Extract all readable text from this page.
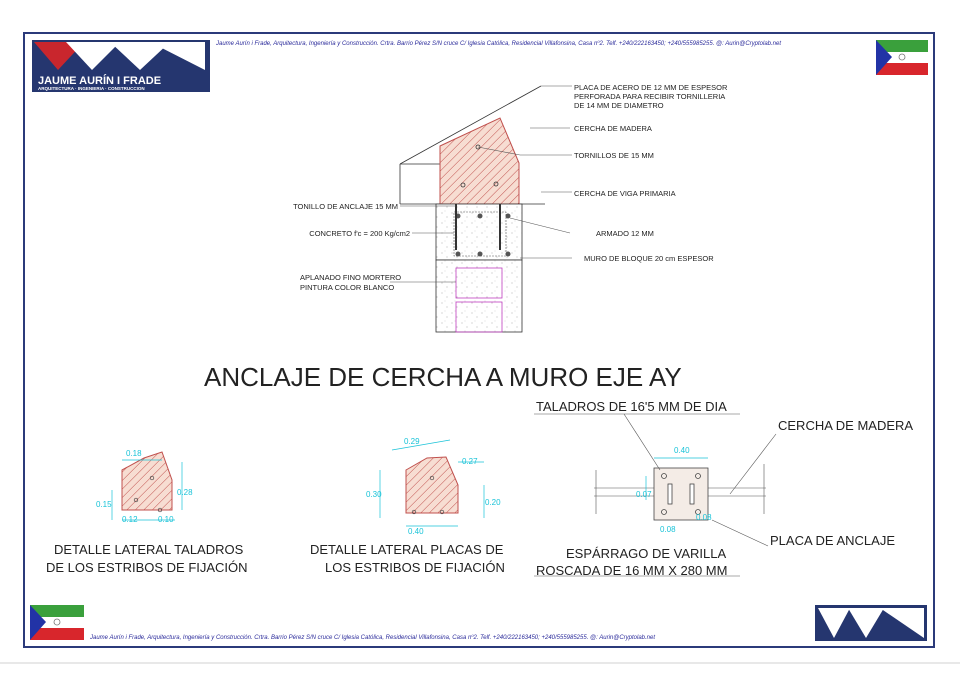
JAUME AURÍN I FRADE
ARQUITECTURA · INGENIERIA · CONSTRUCCION
Jaume Aurín i Frade, Arquitectura, Ingeniería y Construcción. Crtra. Barrio Pérez S/N cruce C/ Iglesia Católica, Residencial Villafonsina, Casa nº2. Telf. +240/222163450; +240/555985255. @: Aurin@Cryptolab.net
PLACA DE ACERO DE 12 MM DE ESPESOR
PERFORADA PARA RECIBIR TORNILLERIA
DE 14 MM DE DIAMETRO
CERCHA DE MADERA
TORNILLOS DE 15 MM
CERCHA DE VIGA PRIMARIA
TONILLO DE ANCLAJE 15 MM
CONCRETO f'c = 200 Kg/cm2	ARMADO 12 MM
MURO DE BLOQUE 20 cm ESPESOR
APLANADO FINO MORTERO
PINTURA COLOR BLANCO
ANCLAJE DE CERCHA A MURO EJE AY
0.18
0.15
0.12	0.10
0.28
DETALLE LATERAL TALADROS
DE LOS ESTRIBOS DE FIJACIÓN
0.29
0.27
0.30
0.20
0.40
DETALLE LATERAL PLACAS DE
LOS ESTRIBOS DE FIJACIÓN
0.40
0.07
0.08
0.08
TALADROS DE 16'5 MM DE DIA
CERCHA DE MADERA
PLACA DE ANCLAJE
ESPÁRRAGO DE VARILLA
ROSCADA DE 16 MM X 280 MM
Jaume Aurín i Frade, Arquitectura, Ingeniería y Construcción. Crtra. Barrio Pérez S/N cruce C/ Iglesia Católica, Residencial Villafonsina, Casa nº2. Telf. +240/222163450; +240/555985255. @: Aurin@Cryptolab.net
